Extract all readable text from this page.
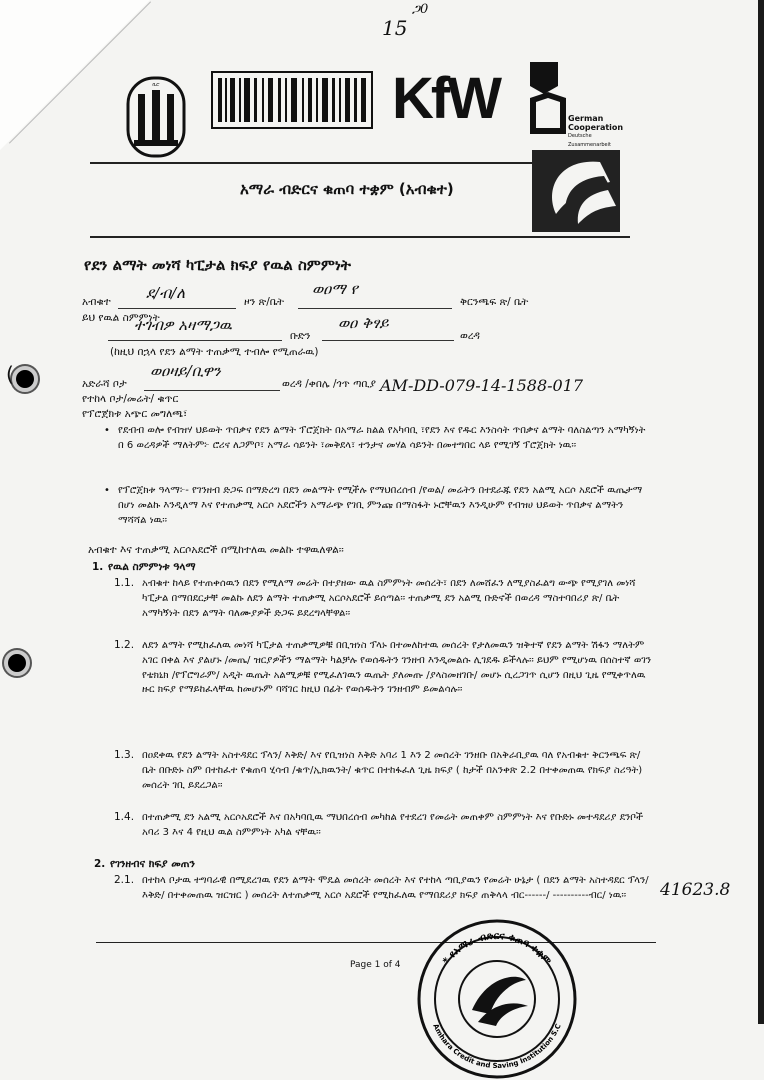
(
ጋ0
15
ቢሮ	KfW	German Cooperation
Deutsche Zusammenarbeit
አማራ ብድርና ቁጠባ ተቋም (አብቁተ)
የደን ልማት መነሻ ካፒታል ክፍያ የዉል ስምምነት
አብቁተ ደ/ብ/ለ	ዞን ጽ/ቤት
ወዐማ የ
ቅርንጫፍ ጽ/ ቤት
ይህ የዉል ስምምነት
ተገብዎ አዛማጋዉ
ቡድን
ወዐ ቅፃይ
ወረዳ
(ከዚህ በኋላ የደን ልማት ተጠቃሚ ተብሎ የሚጠራዉ)
አድራሻ ቦታ
ወዐዛይ/ቢዋን
ወረዳ /ቀበሌ /ጎጥ ጣቢያ
የተከላ ቦታ/መሬት/ ቁጥር
AM-DD-079-14-1588-017
የፕሮጀክቱ አጭር መግለጫ፣
• የደብብ ወሎ የብዝሃ ህይወት ጥበቃና የደን ልማት ፕሮጀክት በአማራ ክልል የአካባቢ ፣የደን እና የዱር እንስሳት ጥበቃና ልማት ባለስልጣን አማካኝነት በ 6 ወረዳዎች ማለትም፦ ሮሪና ለጋምቦ፣ አማራ ሳይንት ፣መቅደላ፣ ተንታና መሃል ሳይንት በመተግበር ላይ የሚገኝ ፕሮጀክት ነዉ፡፡
• የፕሮጀክቱ ዓላማ፦- የገንዘብ ድጋፍ በማድረግ በደን መልማት የሚችሉ የማህበረሰብ /የወል/ መሬትን በተደራጁ የደን አልሚ አርሶ አደሮች ዉጤታማ በሆነ መልኩ እንዲለማ እና የተጠቃሚ አርሶ አደሮችን አማራጭ የገቢ ምንጩ በማስፋት ኑሮቸዉን እንዲሁም የብዝሀ ህይወት ጥበቃና ልማትን ማሻሻል ነዉ፡፡
አብቁተ እና ተጠቃሚ አርሶአደሮች በሚከተለዉ መልኩ ተዋዉለዋል፡፡
1. የዉል ስምምነቱ ዓላማ
1.1. አብቁተ ከላይ የተጠቀሰዉን በደን የሚለማ መሬት በተያዘው ዉል ስምምነት መሰረት፣ በደን ለመሸፈን ለሚያስፈልግ ውጭ የሚያገለ መነሻ ካፒታል በማበደርታቸ መልኩ ለደን ልማት ተጠቃሚ አርሶአደሮች ይሰጣል፡፡ ተጠቃሚ ደን አልሚ ቡድኖች በወረዳ ማስተባበሪያ ጽ/ ቤት አማካኝነት በደን ልማት ባለሙያዎች ድጋፍ ይደረግላቸዋል፡፡
1.2. ለደን ልማት የሚከፈለዉ መነሻ ካፒታል ተጠቃሚዎቹ በቢዝነስ ፕላኑ በተመለከተዉ መሰረት የታለመዉን ዝቅተኛ የደን ልማት ሽፋን ማለትም አገር በቀል እና ያልሆኑ /መጤ/ ዝርያዎችን ማልማት ካልቻሉ የወሰዱትን ገንዘብ እንዲመልሱ ሊገደዱ ይችላሉ፡፡ ይህም የሚሆነዉ በሰስተኛ ወገን የቴክኒክ /የፕሮግራም/ አዲት ዉጤት አልሚዎቹ የሚፈለገዉን ዉጤት ያለመጡ /ያላስመዘገቡ/ መሆኑ ሲረጋገጥ ሲሆን በዚህ ጊዜ የሚቀጥለዉ ዙር ክፍያ የማይከፈላቸዉ ከመሆኑም ባሻገር ከዚህ በፊት የወሰዱትን ገንዘብም ይመልሳሉ፡፡
1.3. በዐደቀዉ የደን ልማት አስተዳደር ፕላን/ እቅድ/ እና የቢዝነስ እቅድ አባሪ 1 እን 2 መሰረት ገንዘቡ በአቅራቢያዉ ባለ የአብቁተ ቅርንጫፍ ጽ/ቤት በቡድኑ ስም በተከፈተ የቁጠባ ሂሳብ /ቁጥ/ኢክዉንት/ ቁጥር በተከፋፈለ ጊዜ ክፍያ ( ከታች በአንቀጽ 2.2 በተቀመጠዉ የክፍያ ስሪዓት) መሰረት ገቢ ይደረጋል፡፡
1.4. በተጠቃሚ ደን አልሚ አርሶአደሮች እና በአካባቢዉ ማህበረሰብ መካከል የተደረገ የመሬት መጠቀም ስምምነት እና የቡድኑ መተዳደሪያ ደንቦች አባሪ 3 እና 4 የዚህ ዉል ስምምነት አካል ናቸዉ፡፡
2. የገንዘብና ክፍያ መጠን
2.1. በተከላ ቦታዉ ተግባራዊ በሚደረገዉ የደን ልማት ሞዴል መሰረት መሰረት እና የተከላ ጣቢያዉን የመሬት ሁኔታ ( በደን ልማት አስተዳደር ፕላን/እቅድ/ በተቀመጠዉ ዝርዝር ) መሰረት ለተጠቃሚ አርሶ አደሮች የሚከፈለዉ የማበደሪያ ክፍያ ጠቅላላ ብር------/ ----------ብር/ ነዉ፡፡	41623.8
Page 1 of 4	* የአማራ ብድርና ቁጠባ ተቋም
Amhara Credit and Saving Institution S.C
